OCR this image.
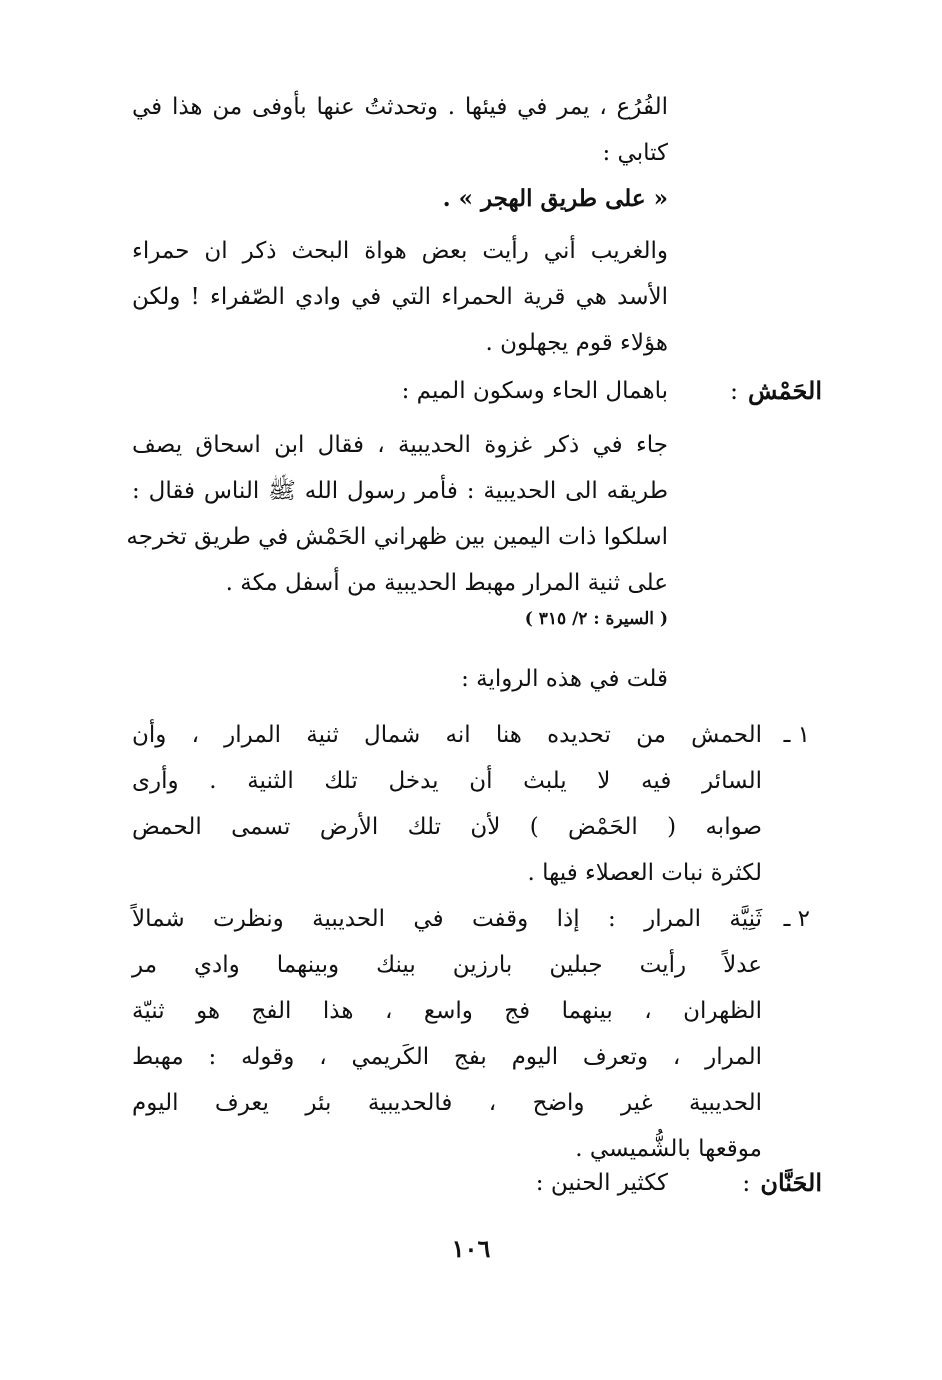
الفُرُع ، يمر في فيئها . وتحدثتُ عنها بأوفى من هذا في
كتابي :
« على طريق الهجر » .
والغريب أني رأيت بعض هواة البحث ذكر ان حمراء
الأسد هي قرية الحمراء التي في وادي الصّفراء ! ولكن
هؤلاء قوم يجهلون .
الحَمْش:
باهمال الحاء وسكون الميم :
جاء في ذكر غزوة الحديبية ، فقال ابن اسحاق يصف
طريقه الى الحديبية : فأمر رسول الله ﷺ الناس فقال :
اسلكوا ذات اليمين بين ظهراني الحَمْش في طريق تخرجه
على ثنية المرار مهبط الحديبية من أسفل مكة .
( السيرة : ٢/ ٣١٥ )
قلت في هذه الرواية :
١ ـ
الحمش من تحديده هنا انه شمال ثنية المرار ، وأن
السائر فيه لا يلبث أن يدخل تلك الثنية . وأرى
صوابه ( الحَمْض ) لأن تلك الأرض تسمى الحمض
لكثرة نبات العصلاء فيها .
٢ ـ
ثَنِيَّة المرار : إذا وقفت في الحديبية ونظرت شمالاً
عدلاً رأيت جبلين بارزين بينك وبينهما وادي مر
الظهران ، بينهما فج واسع ، هذا الفج هو ثنيّة
المرار ، وتعرف اليوم بفج الكَريمي ، وقوله : مهبط
الحديبية غير واضح ، فالحديبية بئر يعرف اليوم
موقعها بالشُّميسي .
الحَنَّان:
ككثير الحنين :
١٠٦
